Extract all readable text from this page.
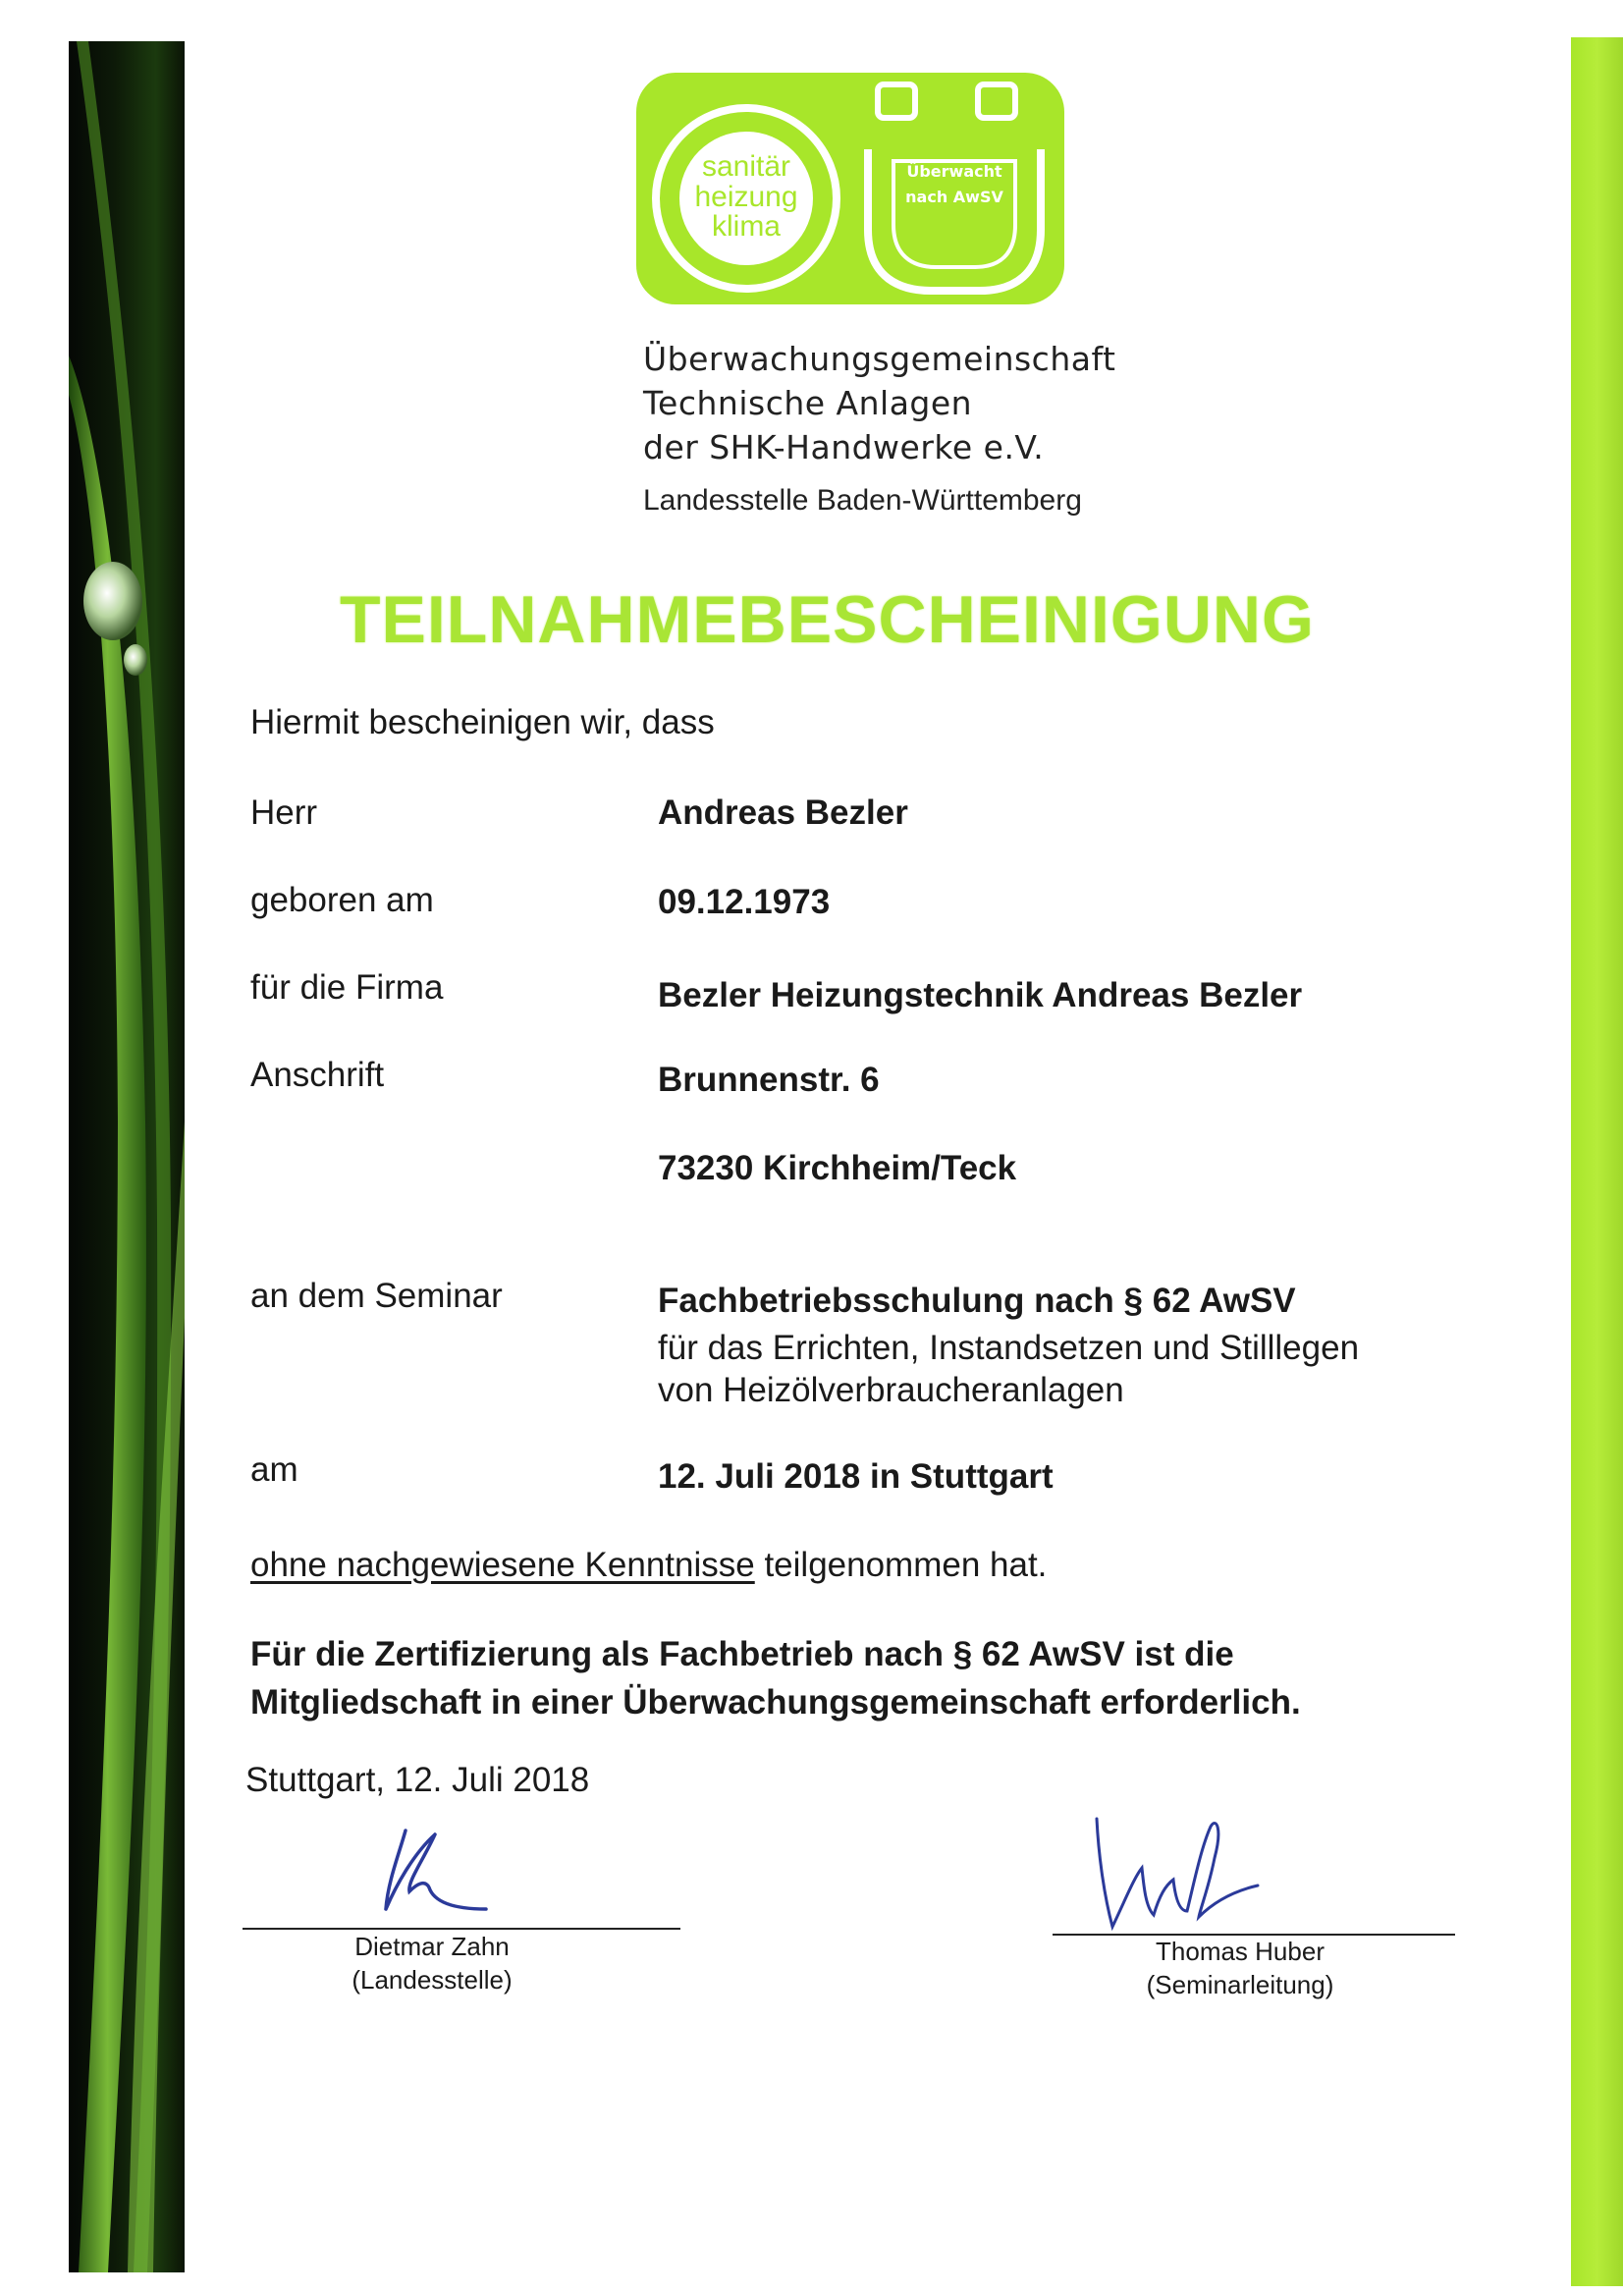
sanitär
heizung
klima
Überwacht
nach AwSV
Überwachungsgemeinschaft
Technische Anlagen
der SHK-Handwerke e.V.
Landesstelle Baden-Württemberg
TEILNAHMEBESCHEINIGUNG
Hiermit bescheinigen wir, dass
Herr	Andreas Bezler
geboren am	09.12.1973
für die Firma	Bezler Heizungstechnik Andreas Bezler
Anschrift	Brunnenstr. 6
73230 Kirchheim/Teck
an dem Seminar	Fachbetriebsschulung nach § 62 AwSV
für das Errichten, Instandsetzen und Stilllegen
von Heizölverbraucheranlagen
am	12. Juli 2018 in Stuttgart
ohne nachgewiesene Kenntnisse teilgenommen hat.
Für die Zertifizierung als Fachbetrieb nach § 62 AwSV ist die
Mitgliedschaft in einer Überwachungsgemeinschaft erforderlich.
Stuttgart, 12. Juli 2018
Dietmar Zahn
(Landesstelle)
Thomas Huber
(Seminarleitung)
